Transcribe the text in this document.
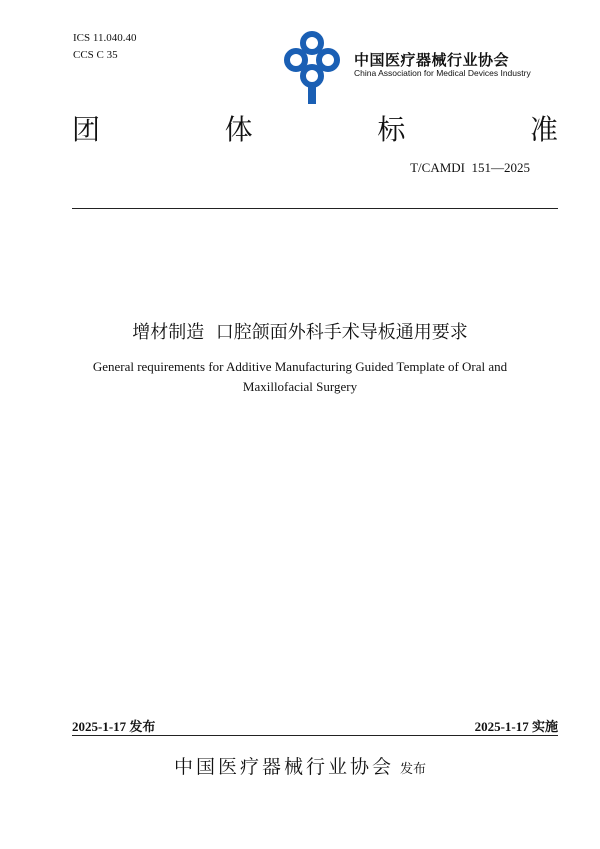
ICS 11.040.40
CCS C 35	中国医疗器械行业协会
China Association for Medical Devices Industry
团	体	标	准
T/CAMDI  151—2025
增材制造  口腔颌面外科手术导板通用要求
General requirements for Additive Manufacturing Guided Template of Oral and Maxillofacial Surgery
2025-1-17 发布	2025-1-17 实施
中国医疗器械行业协会 发布
